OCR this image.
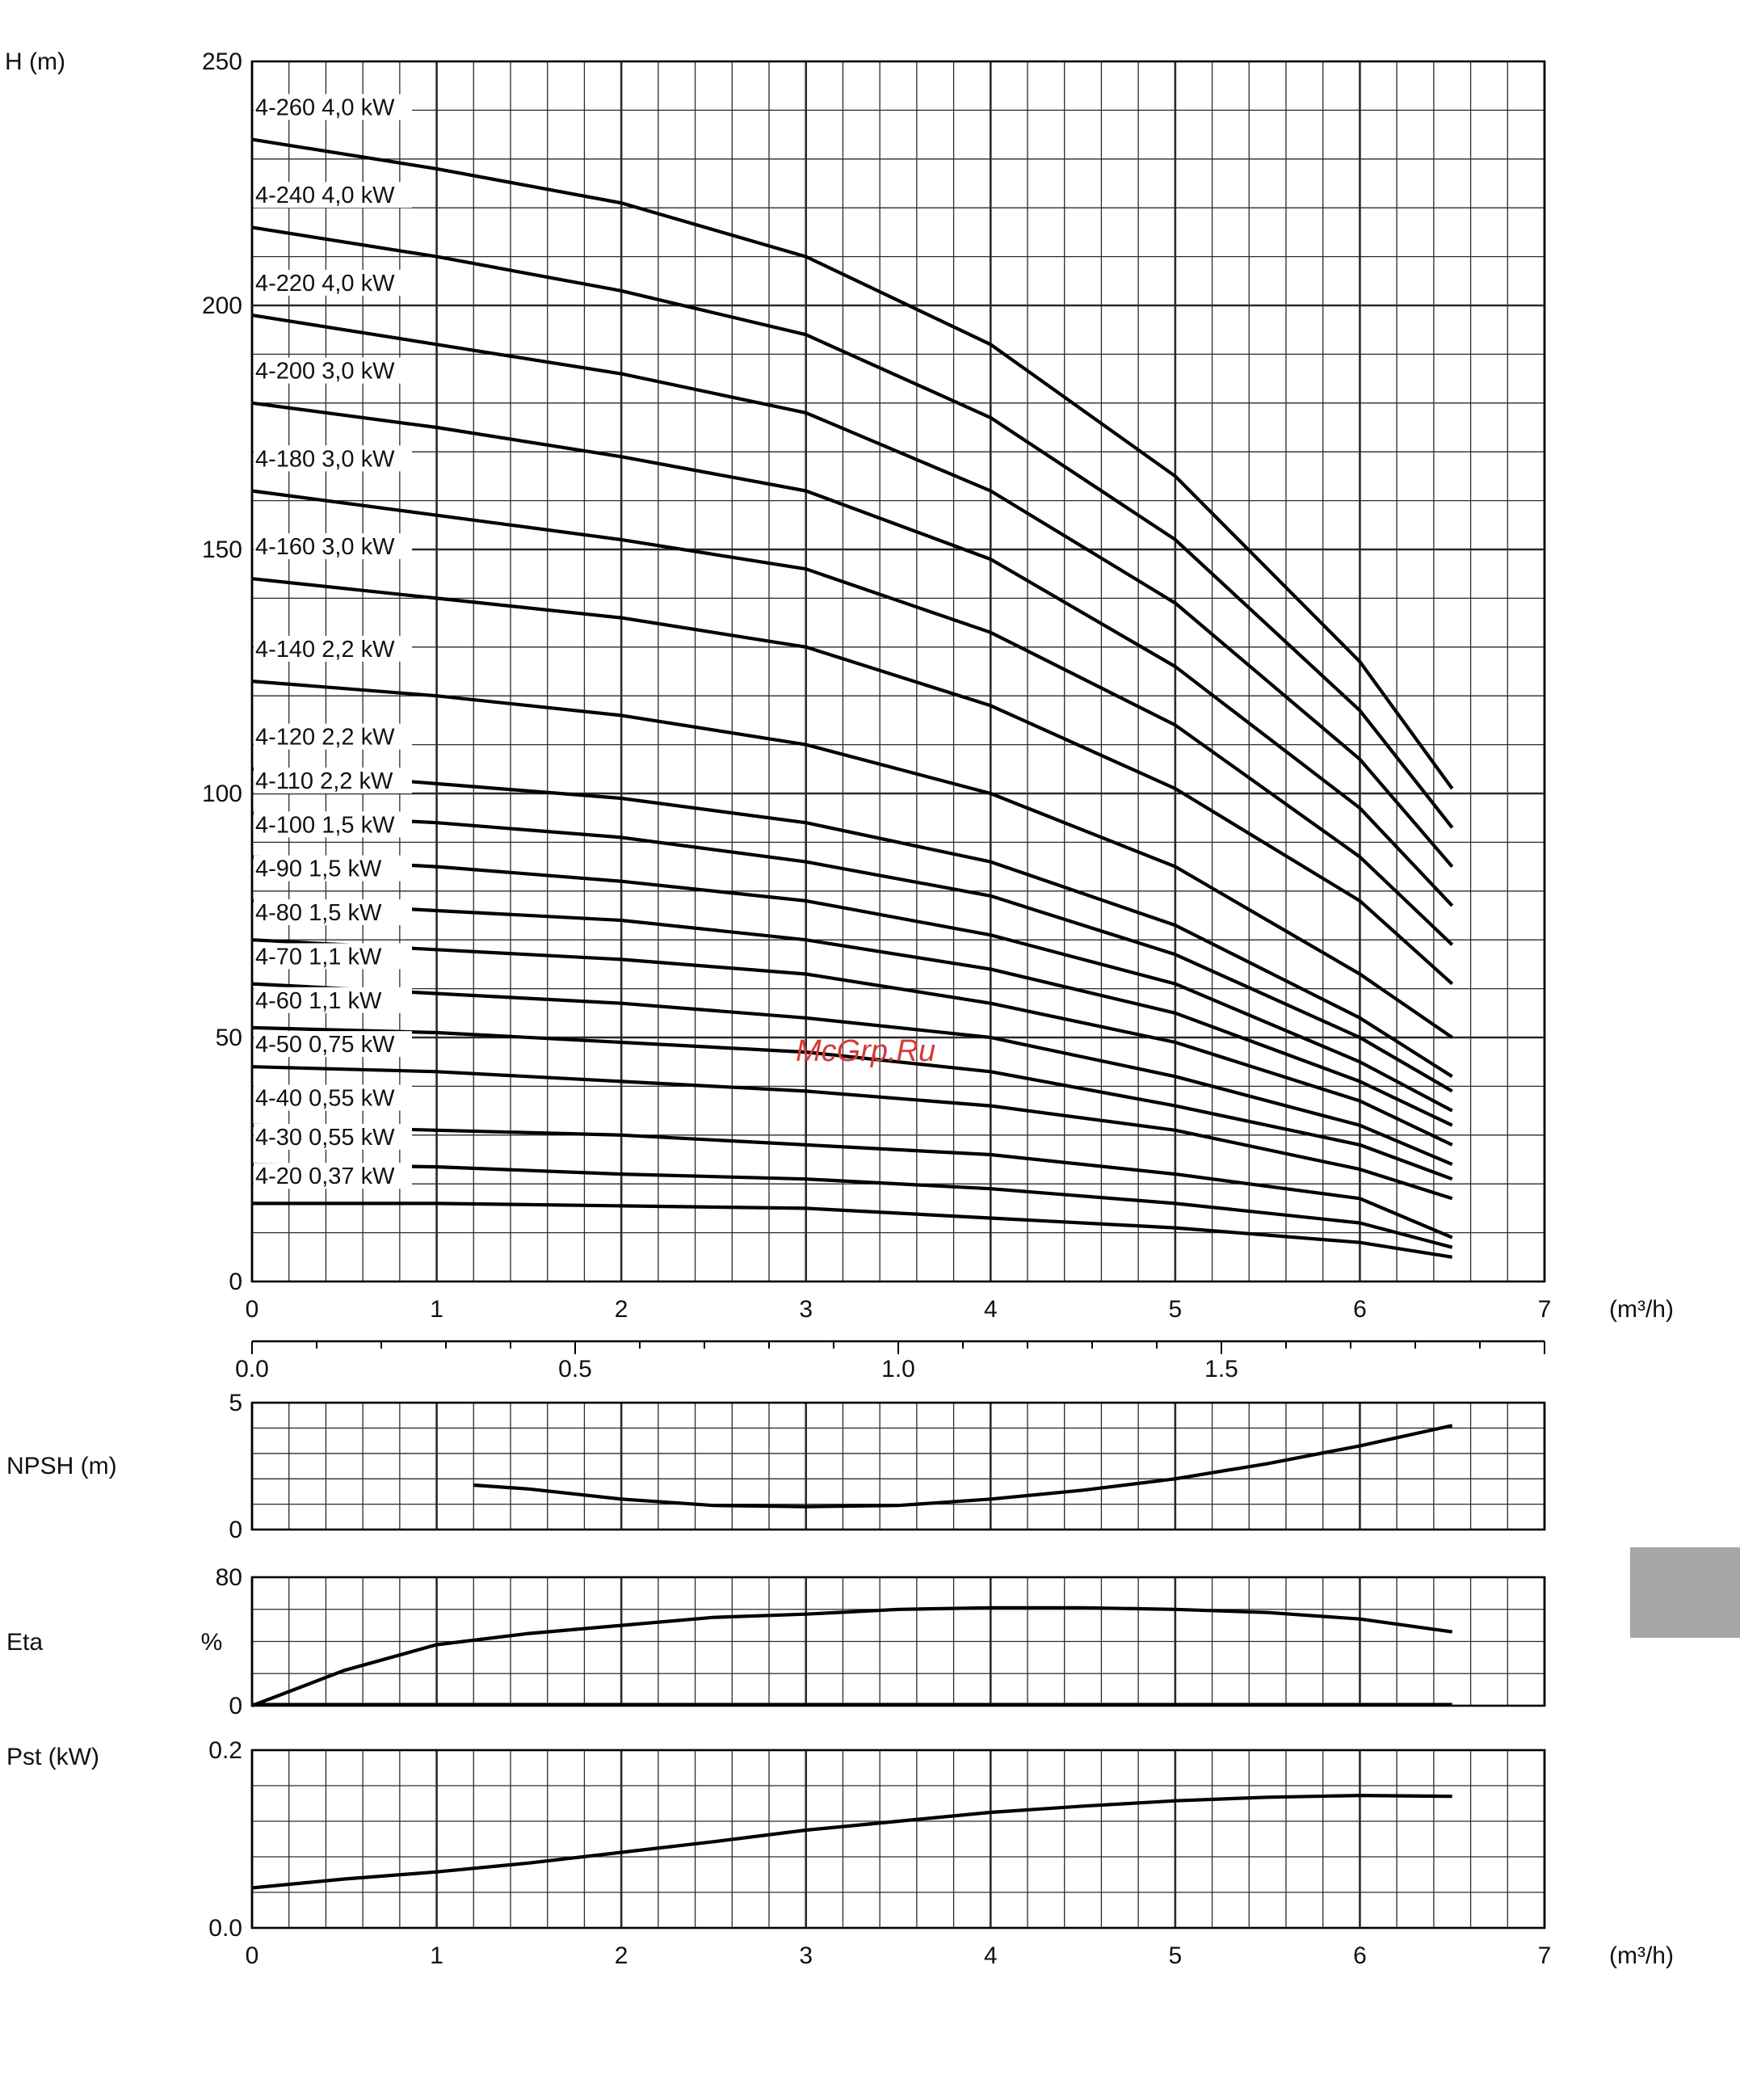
0
50
100
150
200
250
0	1	2	3	4	5	6	7
H (m)
(m³/h)
4-260 4,0 kW
4-240 4,0 kW
4-220 4,0 kW
4-200 3,0 kW
4-180 3,0 kW
4-160 3,0 kW
4-140 2,2 kW
4-120 2,2 kW
4-110 2,2 kW
4-100 1,5 kW
4-90 1,5 kW
4-80 1,5 kW
4-70 1,1 kW
4-60 1,1 kW
4-50 0,75 kW
4-40 0,55 kW
4-30 0,55 kW
4-20 0,37 kW
0.0	0.5	1.0	1.5
0
5
NPSH (m)
0
80
%
Eta
0.0
0.2
0	1	2	3	4	5	6	7
Pst (kW)
(m³/h)
McGrp.Ru
